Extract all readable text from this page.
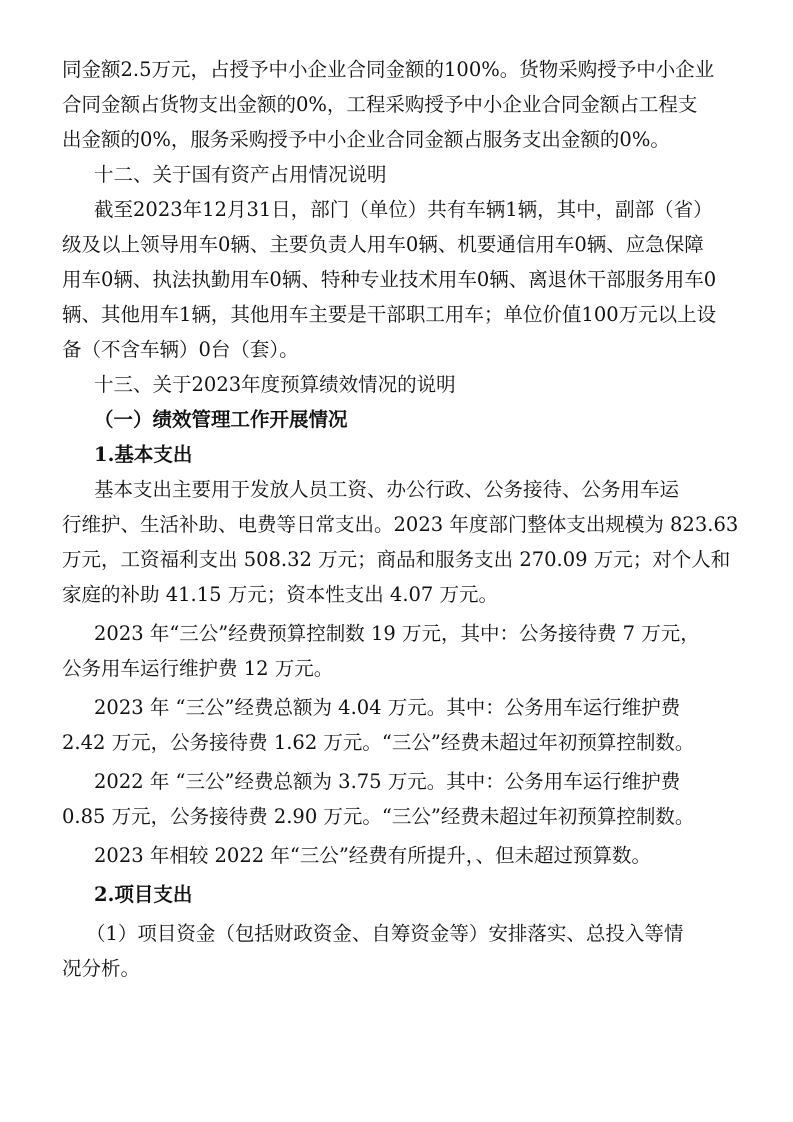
同金额2.5万元，占授予中小企业合同金额的100%。货物采购授予中小企业

合同金额占货物支出金额的0%，工程采购授予中小企业合同金额占工程支

出金额的0%，服务采购授予中小企业合同金额占服务支出金额的0%。

十二、关于国有资产占用情况说明

截至2023年12月31日，部门（单位）共有车辆1辆，其中，副部（省）

级及以上领导用车0辆、主要负责人用车0辆、机要通信用车0辆、应急保障

用车0辆、执法执勤用车0辆、特种专业技术用车0辆、离退休干部服务用车0

辆、其他用车1辆，其他用车主要是干部职工用车；单位价值100万元以上设

备（不含车辆）0台（套）。

十三、关于2023年度预算绩效情况的说明

（一）绩效管理工作开展情况

1.基本支出

基本支出主要用于发放人员工资、办公行政、公务接待、公务用车运

行维护、生活补助、电费等日常支出。2023 年度部门整体支出规模为 823.63

万元，工资福利支出 508.32 万元；商品和服务支出 270.09 万元；对个人和

家庭的补助 41.15 万元；资本性支出 4.07 万元。

2023 年“三公”经费预算控制数 19 万元，其中：公务接待费 7 万元，

公务用车运行维护费 12 万元。

2023 年 “三公”经费总额为 4.04 万元。其中：公务用车运行维护费

2.42 万元，公务接待费 1.62 万元。“三公”经费未超过年初预算控制数。

2022 年 “三公”经费总额为 3.75 万元。其中：公务用车运行维护费

0.85 万元，公务接待费 2.90 万元。“三公”经费未超过年初预算控制数。

2023 年相较 2022 年“三公”经费有所提升，、但未超过预算数。

2.项目支出

（1）项目资金（包括财政资金、自筹资金等）安排落实、总投入等情

况分析。
